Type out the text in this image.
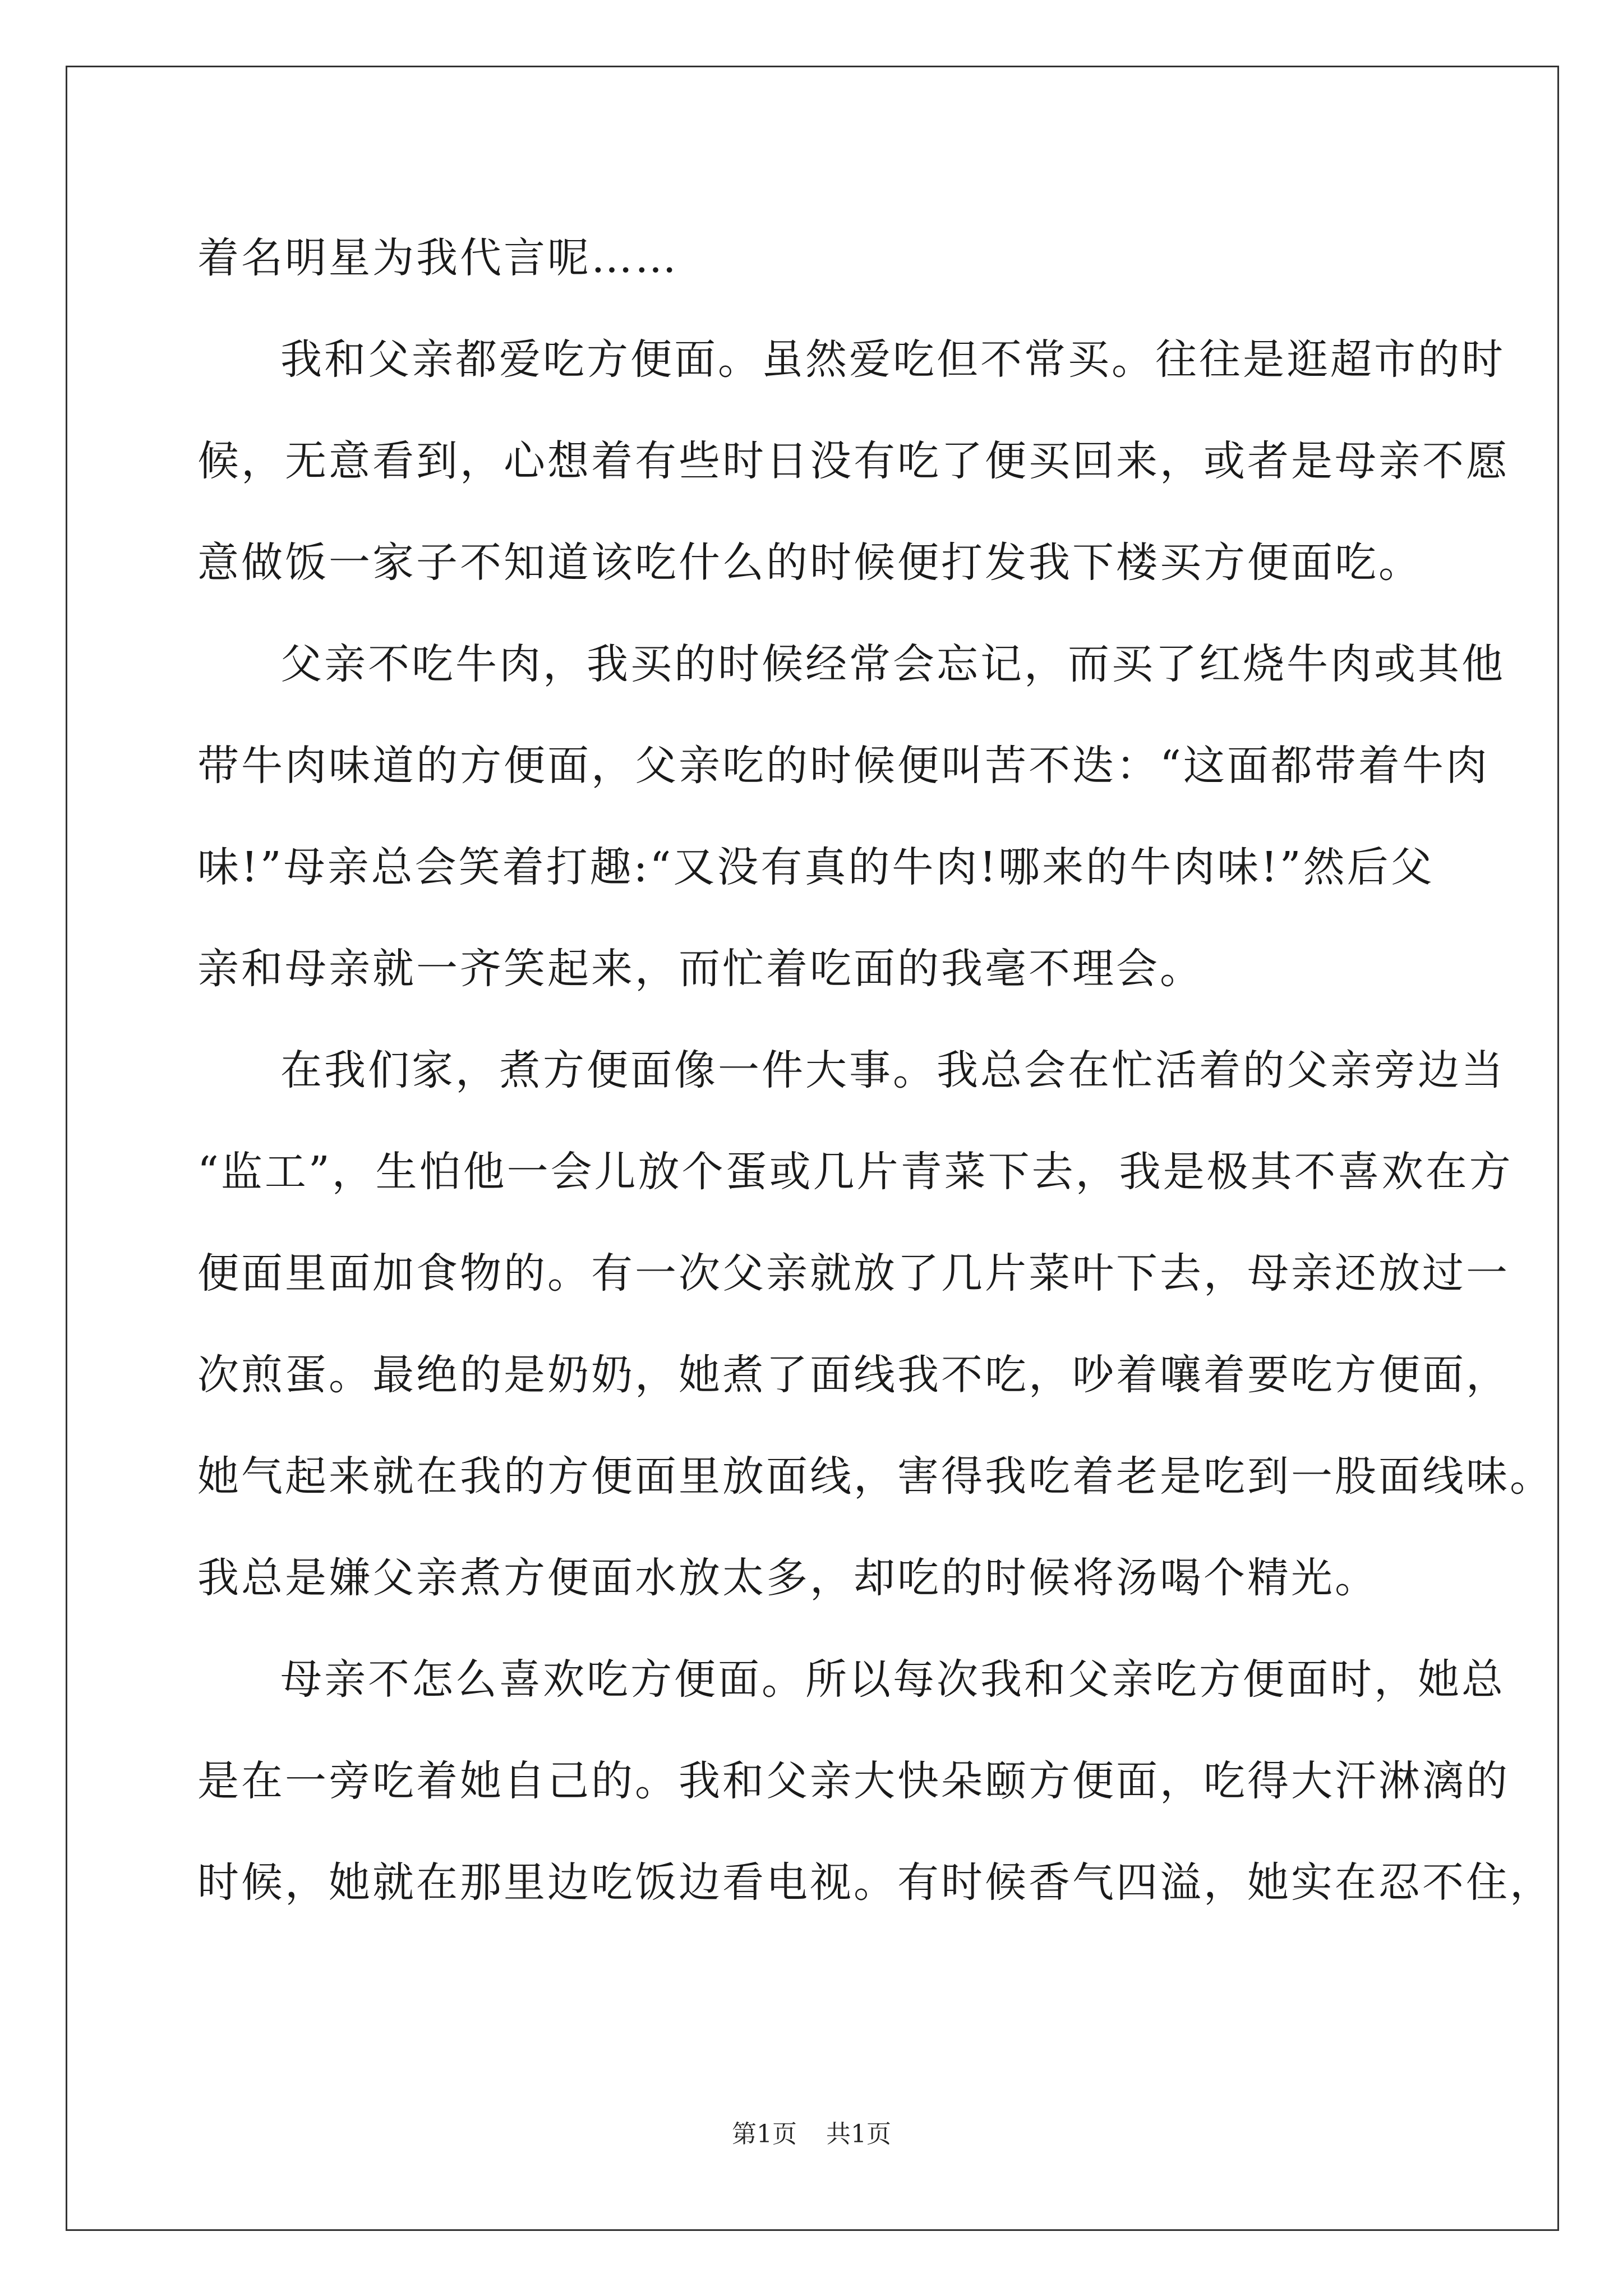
着名明星为我代言呢……
我和父亲都爱吃方便面。虽然爱吃但不常买。往往是逛超市的时
候，无意看到，心想着有些时日没有吃了便买回来，或者是母亲不愿
意做饭一家子不知道该吃什么的时候便打发我下楼买方便面吃。
父亲不吃牛肉，我买的时候经常会忘记，而买了红烧牛肉或其他
带牛肉味道的方便面，父亲吃的时候便叫苦不迭：“这面都带着牛肉
味!”母亲总会笑着打趣:“又没有真的牛肉!哪来的牛肉味!”然后父
亲和母亲就一齐笑起来，而忙着吃面的我毫不理会。
在我们家，煮方便面像一件大事。我总会在忙活着的父亲旁边当
“监工”，生怕他一会儿放个蛋或几片青菜下去，我是极其不喜欢在方
便面里面加食物的。有一次父亲就放了几片菜叶下去，母亲还放过一
次煎蛋。最绝的是奶奶，她煮了面线我不吃，吵着嚷着要吃方便面，
她气起来就在我的方便面里放面线，害得我吃着老是吃到一股面线味。
我总是嫌父亲煮方便面水放太多，却吃的时候将汤喝个精光。
母亲不怎么喜欢吃方便面。所以每次我和父亲吃方便面时，她总
是在一旁吃着她自己的。我和父亲大快朵颐方便面，吃得大汗淋漓的
时候，她就在那里边吃饭边看电视。有时候香气四溢，她实在忍不住，
第1页 共1页
